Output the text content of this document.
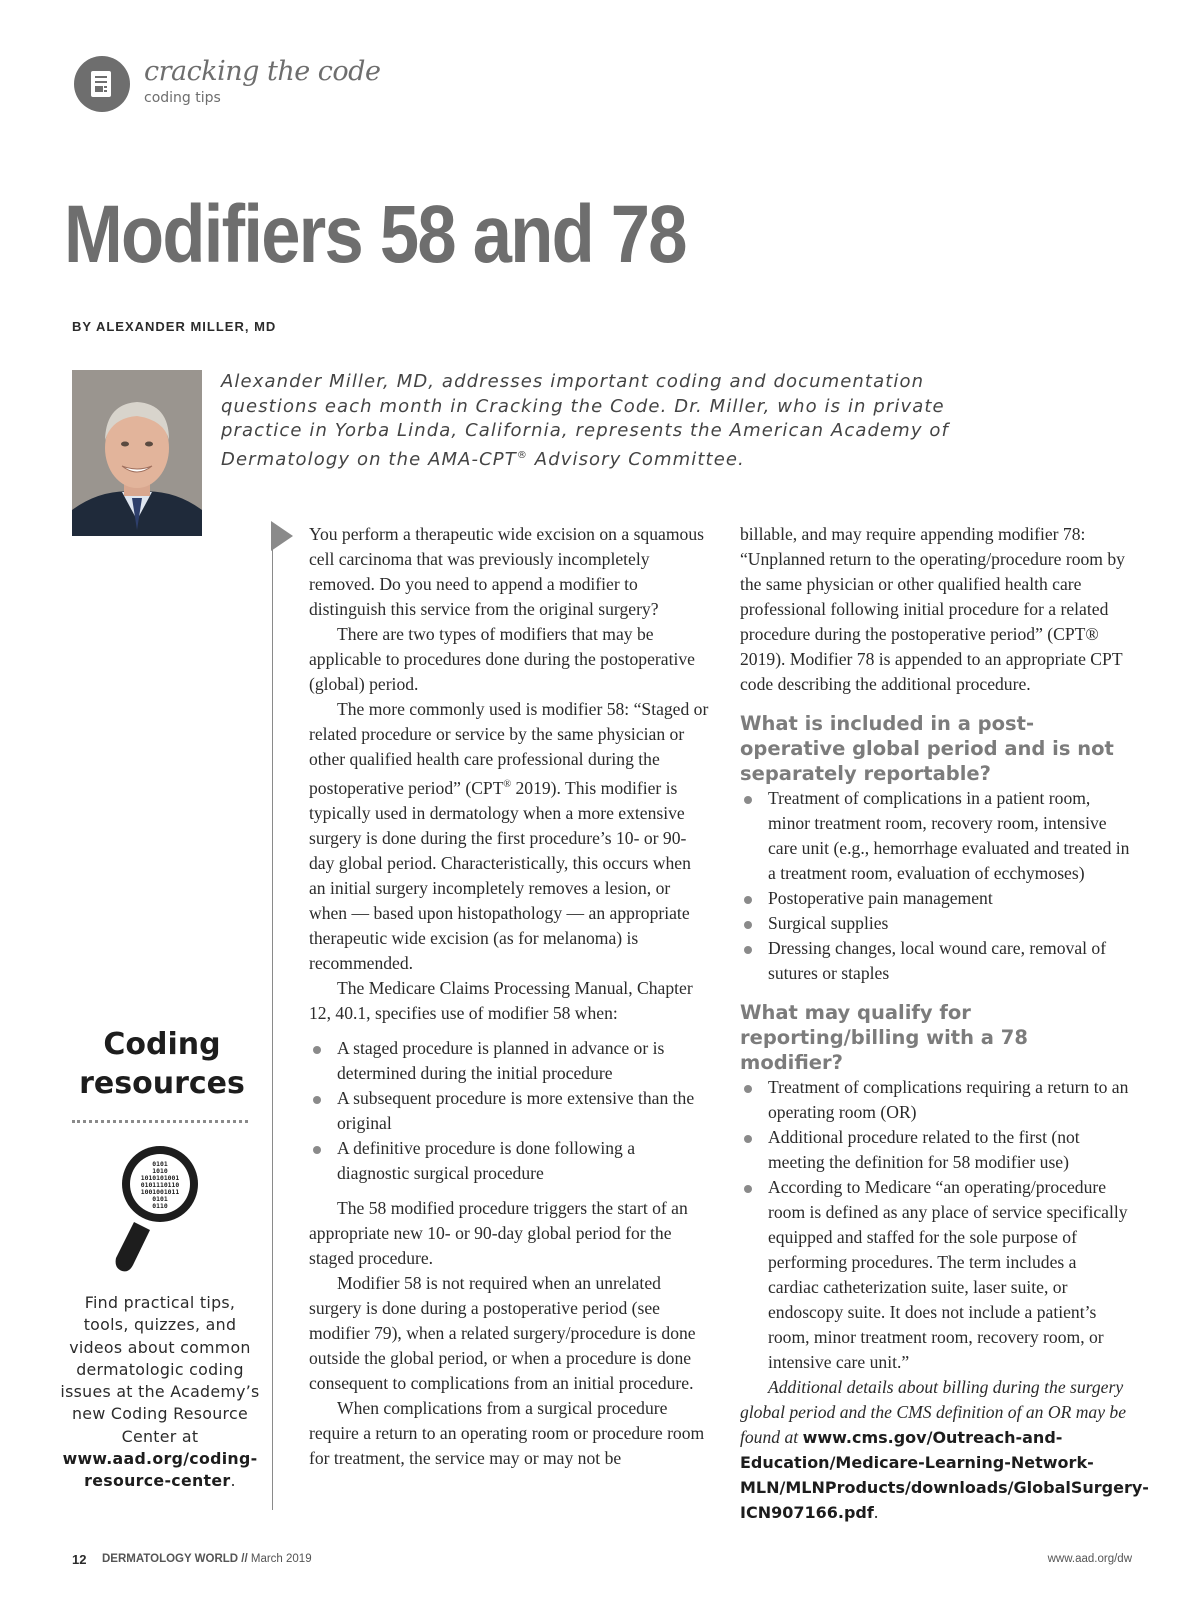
cracking the code
coding tips
Modifiers 58 and 78
BY ALEXANDER MILLER, MD
Alexander Miller, MD, addresses important coding and documentation questions each month in Cracking the Code. Dr. Miller, who is in private practice in Yorba Linda, California, represents the American Academy of Dermatology on the AMA-CPT® Advisory Committee.

You perform a therapeutic wide excision on a squamous cell carcinoma that was previously incompletely removed. Do you need to append a modifier to distinguish this service from the original surgery?

There are two types of modifiers that may be applicable to procedures done during the postoperative (global) period.

The more commonly used is modifier 58: “Staged or related procedure or service by the same physician or other qualified health care professional during the postoperative period” (CPT® 2019). This modifier is typically used in dermatology when a more extensive surgery is done during the first procedure’s 10- or 90-day global period. Characteristically, this occurs when an initial surgery incompletely removes a lesion, or when — based upon histopathology — an appropriate therapeutic wide excision (as for melanoma) is recommended.

The Medicare Claims Processing Manual, Chapter 12, 40.1, specifies use of modifier 58 when:

A staged procedure is planned in advance or is determined during the initial procedure
A subsequent procedure is more extensive than the original
A definitive procedure is done following a diagnostic surgical procedure

The 58 modified procedure triggers the start of an appropriate new 10- or 90-day global period for the staged procedure.

Modifier 58 is not required when an unrelated surgery is done during a postoperative period (see modifier 79), when a related surgery/procedure is done outside the global period, or when a procedure is done consequent to complications from an initial procedure.

When complications from a surgical procedure require a return to an operating room or procedure room for treatment, the service may or may not be

billable, and may require appending modifier 78: “Unplanned return to the operating/procedure room by the same physician or other qualified health care professional following initial procedure for a related procedure during the postoperative period” (CPT® 2019). Modifier 78 is appended to an appropriate CPT code describing the additional procedure.

What is included in a post-operative global period and is not separately reportable?
Treatment of complications in a patient room, minor treatment room, recovery room, intensive care unit (e.g., hemorrhage evaluated and treated in a treatment room, evaluation of ecchymoses)
Postoperative pain management
Surgical supplies
Dressing changes, local wound care, removal of sutures or staples
What may qualify for reporting/billing with a 78 modifier?
Treatment of complications requiring a return to an operating room (OR)
Additional procedure related to the first (not meeting the definition for 58 modifier use)
According to Medicare “an operating/procedure room is defined as any place of service specifically equipped and staffed for the sole purpose of performing procedures. The term includes a cardiac catheterization suite, laser suite, or endoscopy suite. It does not include a patient’s room, minor treatment room, recovery room, or intensive care unit.”

Additional details about billing during the surgery global period and the CMS definition of an OR may be found at www.cms.gov/Outreach-and-Education/Medicare-Learning-Network-MLN/MLNProducts/downloads/GlobalSurgery-ICN907166.pdf.

Coding resources
0101
1010
1010101001
0101110110
1001001011
0101
0110
Find practical tips, tools, quizzes, and videos about common dermatologic coding issues at the Academy’s new Coding Resource Center at www.aad.org/coding-resource-center.
12 DERMATOLOGY WORLD // March 2019	www.aad.org/dw
